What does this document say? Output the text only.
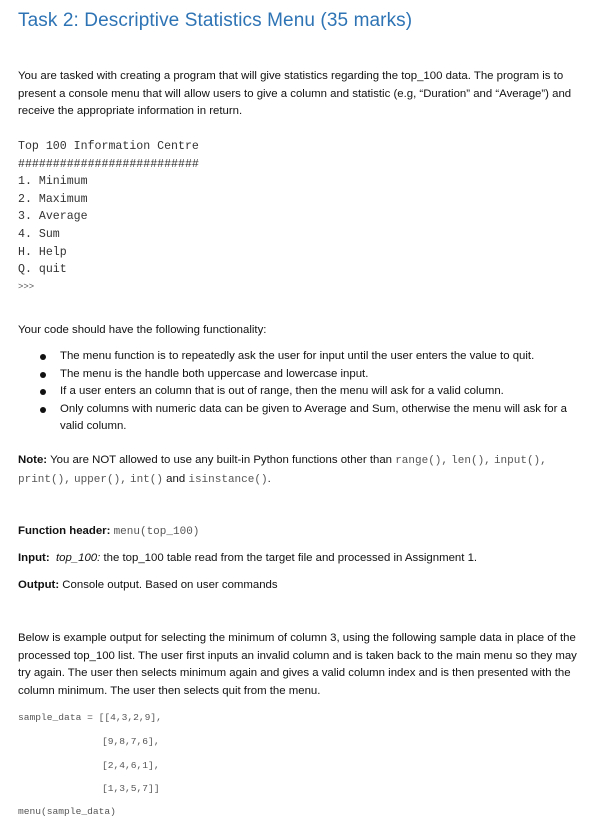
Task 2: Descriptive Statistics Menu (35 marks)
You are tasked with creating a program that will give statistics regarding the top_100 data. The program is to present a console menu that will allow users to give a column and statistic (e.g, “Duration” and “Average”) and receive the appropriate information in return.
Top 100 Information Centre
##########################
1. Minimum
2. Maximum
3. Average
4. Sum
H. Help
Q. quit
>>>
Your code should have the following functionality:
The menu function is to repeatedly ask the user for input until the user enters the value to quit.
The menu is the handle both uppercase and lowercase input.
If a user enters an column that is out of range, then the menu will ask for a valid column.
Only columns with numeric data can be given to Average and Sum, otherwise the menu will ask for a valid column.
Note: You are NOT allowed to use any built-in Python functions other than range(), len(), input(), print(), upper(), int() and isinstance().
Function header: menu(top_100)
Input: top_100: the top_100 table read from the target file and processed in Assignment 1.
Output: Console output. Based on user commands
Below is example output for selecting the minimum of column 3, using the following sample data in place of the processed top_100 list. The user first inputs an invalid column and is taken back to the main menu so they may try again. The user then selects minimum again and gives a valid column index and is then presented with the column minimum. The user then selects quit from the menu.
sample_data = [[4,3,2,9],
[9,8,7,6],
[2,4,6,1],
[1,3,5,7]]
menu(sample_data)
